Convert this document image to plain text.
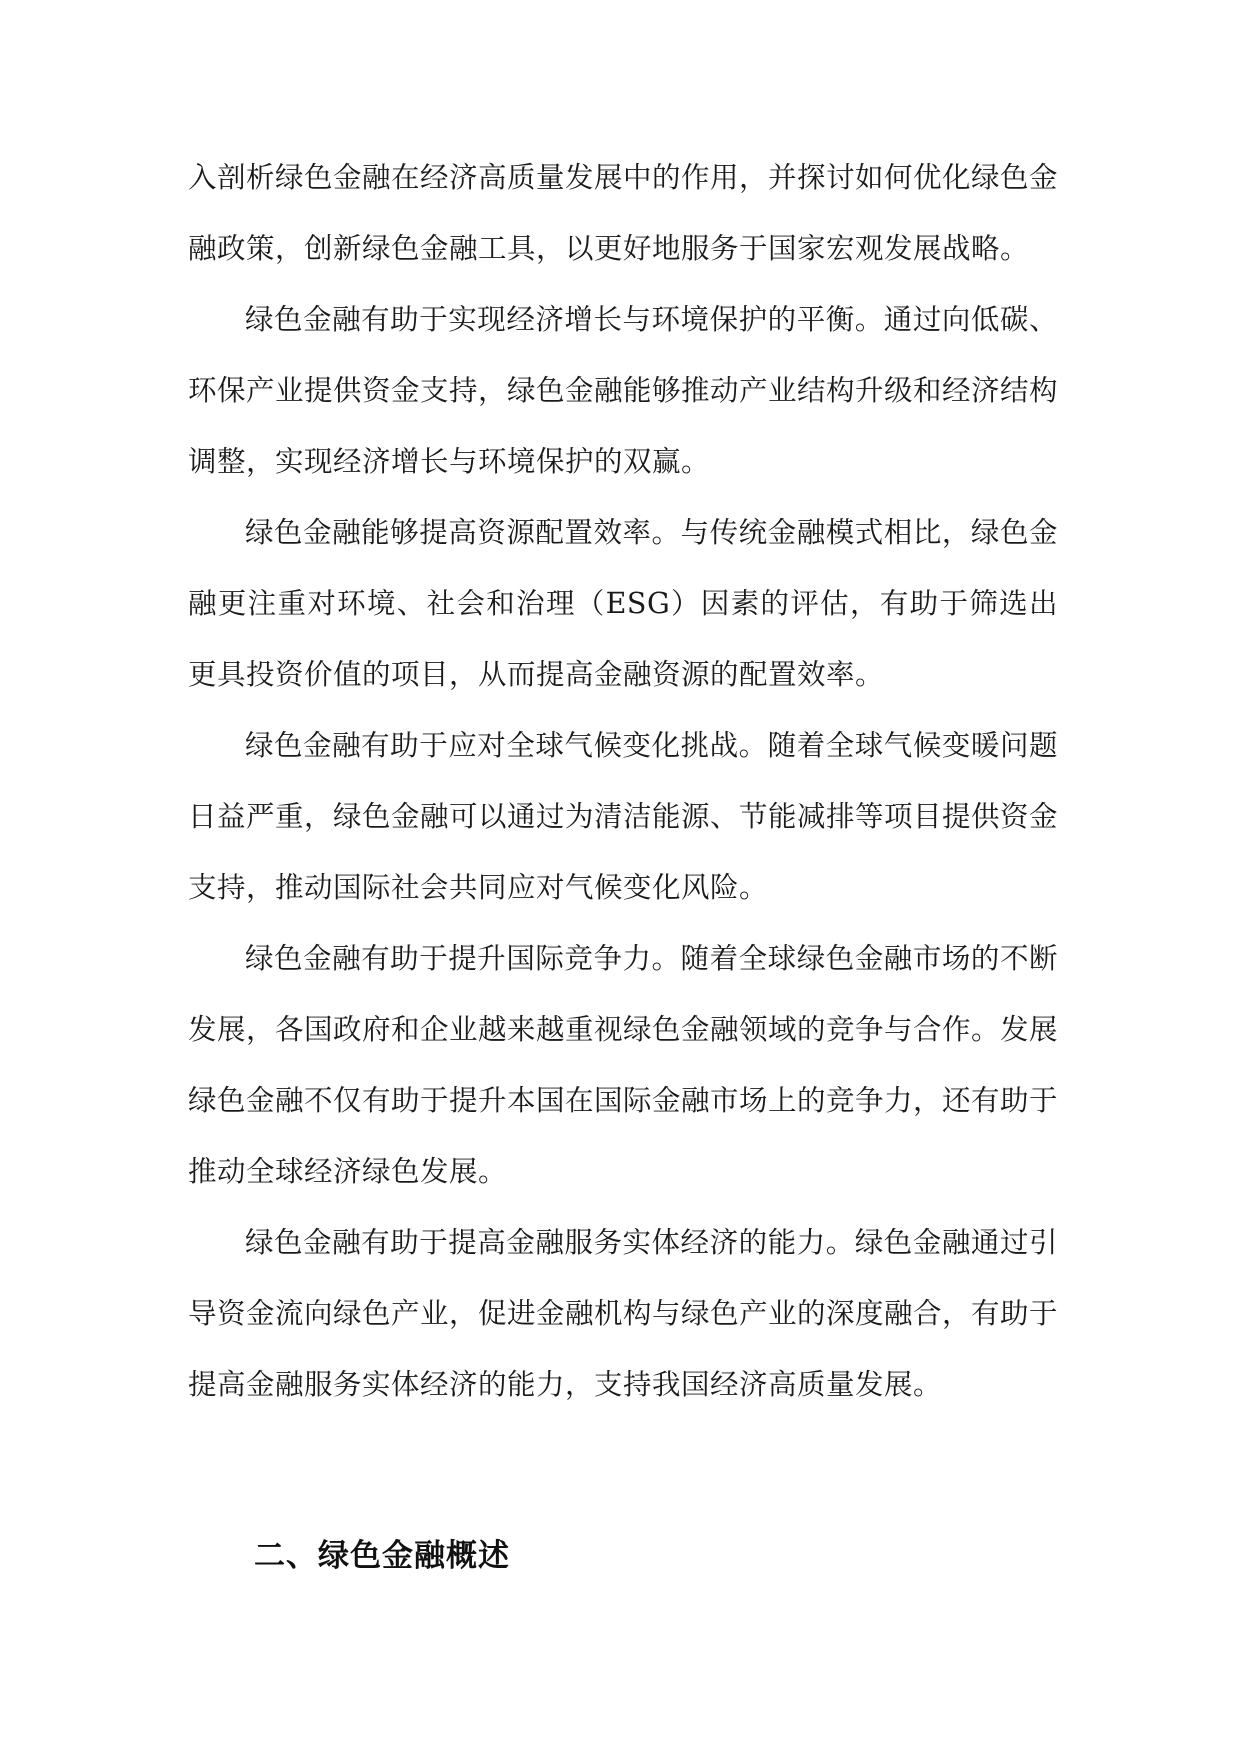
入剖析绿色金融在经济高质量发展中的作用，并探讨如何优化绿色金融政策，创新绿色金融工具，以更好地服务于国家宏观发展战略。

绿色金融有助于实现经济增长与环境保护的平衡。通过向低碳、环保产业提供资金支持，绿色金融能够推动产业结构升级和经济结构调整，实现经济增长与环境保护的双赢。

绿色金融能够提高资源配置效率。与传统金融模式相比，绿色金融更注重对环境、社会和治理（ESG）因素的评估，有助于筛选出更具投资价值的项目，从而提高金融资源的配置效率。

绿色金融有助于应对全球气候变化挑战。随着全球气候变暖问题日益严重，绿色金融可以通过为清洁能源、节能减排等项目提供资金支持，推动国际社会共同应对气候变化风险。

绿色金融有助于提升国际竞争力。随着全球绿色金融市场的不断发展，各国政府和企业越来越重视绿色金融领域的竞争与合作。发展绿色金融不仅有助于提升本国在国际金融市场上的竞争力，还有助于推动全球经济绿色发展。

绿色金融有助于提高金融服务实体经济的能力。绿色金融通过引导资金流向绿色产业，促进金融机构与绿色产业的深度融合，有助于提高金融服务实体经济的能力，支持我国经济高质量发展。

二、绿色金融概述
